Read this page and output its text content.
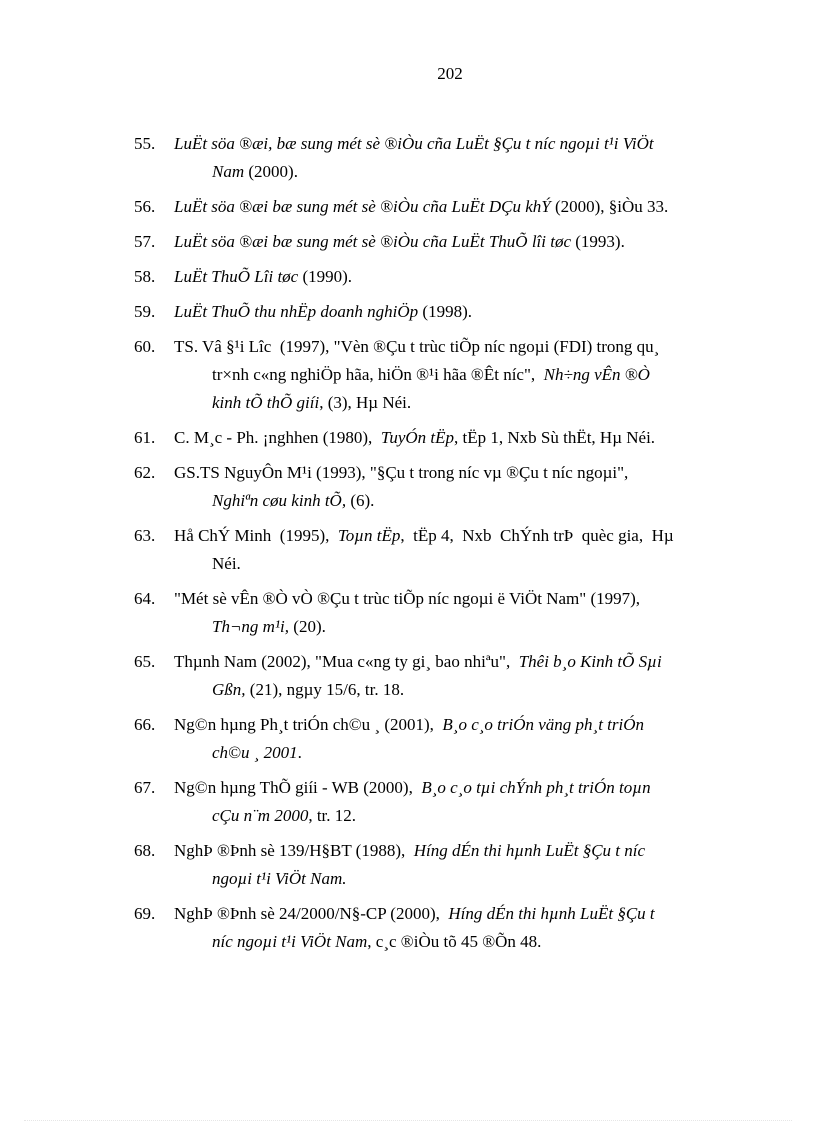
202
55. LuËt söa ®æi, bæ sung mét sè ®iÒu cña LuËt §Çu t níc ngoµi t¹i ViÖt
Nam (2000).
56. LuËt söa ®æi bæ sung mét sè ®iÒu cña LuËt DÇu khÝ (2000), §iÒu 33.
57. LuËt söa ®æi bæ sung mét sè ®iÒu cña LuËt ThuÕ lîi tøc (1993).
58. LuËt ThuÕ Lîi tøc (1990).
59. LuËt ThuÕ thu nhËp doanh nghiÖp (1998).
60. TS. Vâ §¹i Lîc  (1997), "Vèn ®Çu t trùc tiÕp níc ngoµi (FDI) trong qu¸
tr×nh c«ng nghiÖp hãa, hiÖn ®¹i hãa ®Êt níc",  Nh÷ng vÊn ®Ò
kinh tÕ thÕ giíi, (3), Hµ Néi.
61. C. M¸c - Ph. ¡nghhen (1980),  TuyÓn tËp, tËp 1, Nxb Sù thËt, Hµ Néi.
62. GS.TS NguyÔn M¹i (1993), "§Çu t trong níc vµ ®Çu t níc ngoµi",
Nghiªn cøu kinh tÕ, (6).
63. Hå ChÝ Minh  (1995),  Toµn tËp,  tËp 4,  Nxb  ChÝnh trÞ  quèc gia,  Hµ
Néi.
64. "Mét sè vÊn ®Ò vÒ ®Çu t trùc tiÕp níc ngoµi ë ViÖt Nam" (1997),
Th¬ng m¹i, (20).
65. Thµnh Nam (2002), "Mua c«ng ty gi¸ bao nhiªu",  Thêi b¸o Kinh tÕ Sµi
Gßn, (21), ngµy 15/6, tr. 18.
66. Ng©n hµng Ph¸t triÓn ch©u ¸ (2001),  B¸o c¸o triÓn väng ph¸t triÓn
ch©u ¸ 2001.
67. Ng©n hµng ThÕ giíi - WB (2000),  B¸o c¸o tµi chÝnh ph¸t triÓn toµn
cÇu n¨m 2000, tr. 12.
68. NghÞ ®Þnh sè 139/H§BT (1988),  Híng dÉn thi hµnh LuËt §Çu t níc
ngoµi t¹i ViÖt Nam.
69. NghÞ ®Þnh sè 24/2000/N§-CP (2000),  Híng dÉn thi hµnh LuËt §Çu t
níc ngoµi t¹i ViÖt Nam, c¸c ®iÒu tõ 45 ®Õn 48.
